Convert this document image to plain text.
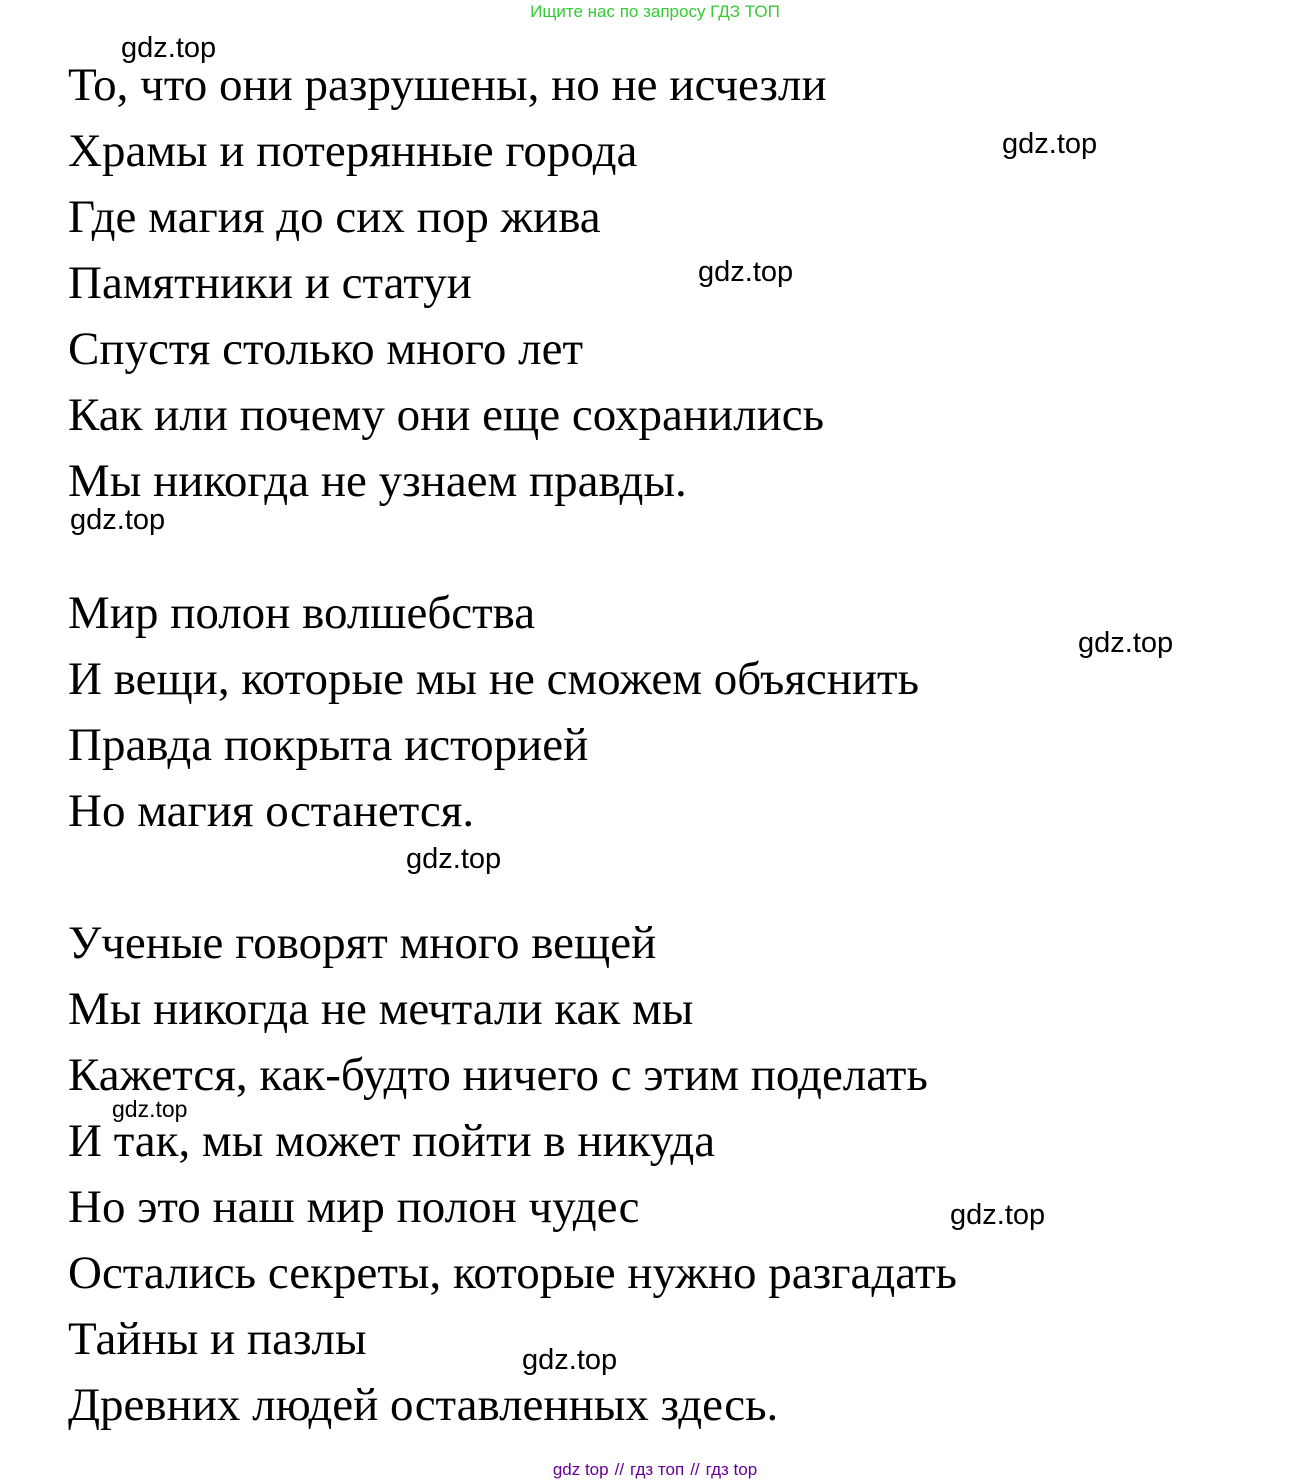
Ищите нас по запросу ГДЗ ТОП
gdz.top
То, что они разрушены, но не исчезли
Храмы и потерянные города	gdz.top
Где магия до сих пор жива
Памятники и статуи	gdz.top
Спустя столько много лет
Как или почему они еще сохранились
Мы никогда не узнаем правды.
gdz.top
Мир полон волшебства
gdz.top
И вещи, которые мы не сможем объяснить
Правда покрыта историей
Но магия останется.
gdz.top
Ученые говорят много вещей
Мы никогда не мечтали как мы
Кажется, как-будто ничего с этим поделать
gdz.top
И так, мы может пойти в никуда
Но это наш мир полон чудес	gdz.top
Остались секреты, которые нужно разгадать
Тайны и пазлы	gdz.top
Древних людей оставленных здесь.
gdz top // гдз топ // гдз top
